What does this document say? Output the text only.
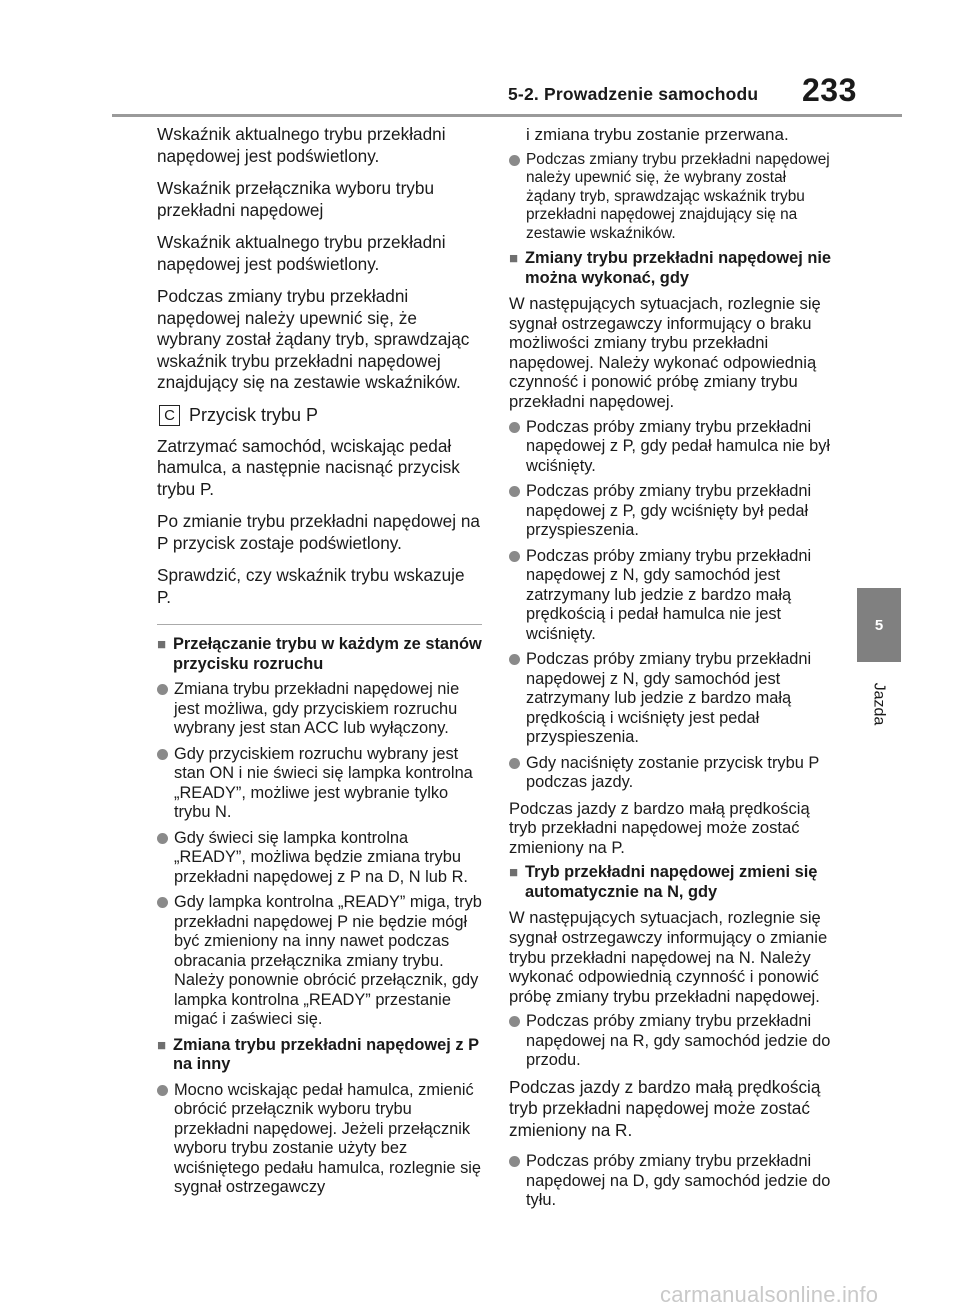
5-2. Prowadzenie samochodu 233

Wskaźnik aktualnego trybu przekładni napędowej jest podświetlony.

Wskaźnik przełącznika wyboru trybu przekładni napędowej

Wskaźnik aktualnego trybu przekładni napędowej jest podświetlony.

Podczas zmiany trybu przekładni napędowej należy upewnić się, że wybrany został żądany tryb, sprawdzając wskaźnik trybu przekładni napędowej znajdujący się na zestawie wskaźników.

C Przycisk trybu P

Zatrzymać samochód, wciskając pedał hamulca, a następnie nacisnąć przycisk trybu P.

Po zmianie trybu przekładni napędowej na P przycisk zostaje podświetlony.

Sprawdzić, czy wskaźnik trybu wskazuje P.

■ Przełączanie trybu w każdym ze stanów przycisku rozruchu
Zmiana trybu przekładni napędowej nie jest możliwa, gdy przyciskiem rozruchu wybrany jest stan ACC lub wyłączony.
Gdy przyciskiem rozruchu wybrany jest stan ON i nie świeci się lampka kontrolna „READY”, możliwe jest wybranie tylko trybu N.
Gdy świeci się lampka kontrolna „READY”, możliwa będzie zmiana trybu przekładni napędowej z P na D, N lub R.
Gdy lampka kontrolna „READY” miga, tryb przekładni napędowej P nie będzie mógł być zmieniony na inny nawet podczas obracania przełącznika zmiany trybu. Należy ponownie obrócić przełącznik, gdy lampka kontrolna „READY” przestanie migać i zaświeci się.
■ Zmiana trybu przekładni napędowej z P na inny
Mocno wciskając pedał hamulca, zmienić obrócić przełącznik wyboru trybu przekładni napędowej. Jeżeli przełącznik wyboru trybu zostanie użyty bez wciśniętego pedału hamulca, rozlegnie się sygnał ostrzegawczy

i zmiana trybu zostanie przerwana.

Podczas zmiany trybu przekładni napędowej należy upewnić się, że wybrany został żądany tryb, sprawdzając wskaźnik trybu przekładni napędowej znajdujący się na zestawie wskaźników.
■ Zmiany trybu przekładni napędowej nie można wykonać, gdy

W następujących sytuacjach, rozlegnie się sygnał ostrzegawczy informujący o braku możliwości zmiany trybu przekładni napędowej. Należy wykonać odpowiednią czynność i ponowić próbę zmiany trybu przekładni napędowej.

Podczas próby zmiany trybu przekładni napędowej z P, gdy pedał hamulca nie był wciśnięty.
Podczas próby zmiany trybu przekładni napędowej z P, gdy wciśnięty był pedał przyspieszenia.
Podczas próby zmiany trybu przekładni napędowej z N, gdy samochód jest zatrzymany lub jedzie z bardzo małą prędkością i pedał hamulca nie jest wciśnięty.
Podczas próby zmiany trybu przekładni napędowej z N, gdy samochód jest zatrzymany lub jedzie z bardzo małą prędkością i wciśnięty jest pedał przyspieszenia.
Gdy naciśnięty zostanie przycisk trybu P podczas jazdy.

Podczas jazdy z bardzo małą prędkością tryb przekładni napędowej może zostać zmieniony na P.

■ Tryb przekładni napędowej zmieni się automatycznie na N, gdy

W następujących sytuacjach, rozlegnie się sygnał ostrzegawczy informujący o zmianie trybu przekładni napędowej na N. Należy wykonać odpowiednią czynność i ponowić próbę zmiany trybu przekładni napędowej.

Podczas próby zmiany trybu przekładni napędowej na R, gdy samochód jedzie do przodu.

Podczas jazdy z bardzo małą prędkością tryb przekładni napędowej może zostać zmieniony na R.

Podczas próby zmiany trybu przekładni napędowej na D, gdy samochód jedzie do tyłu.
5
Jazda
carmanualsonline.info
